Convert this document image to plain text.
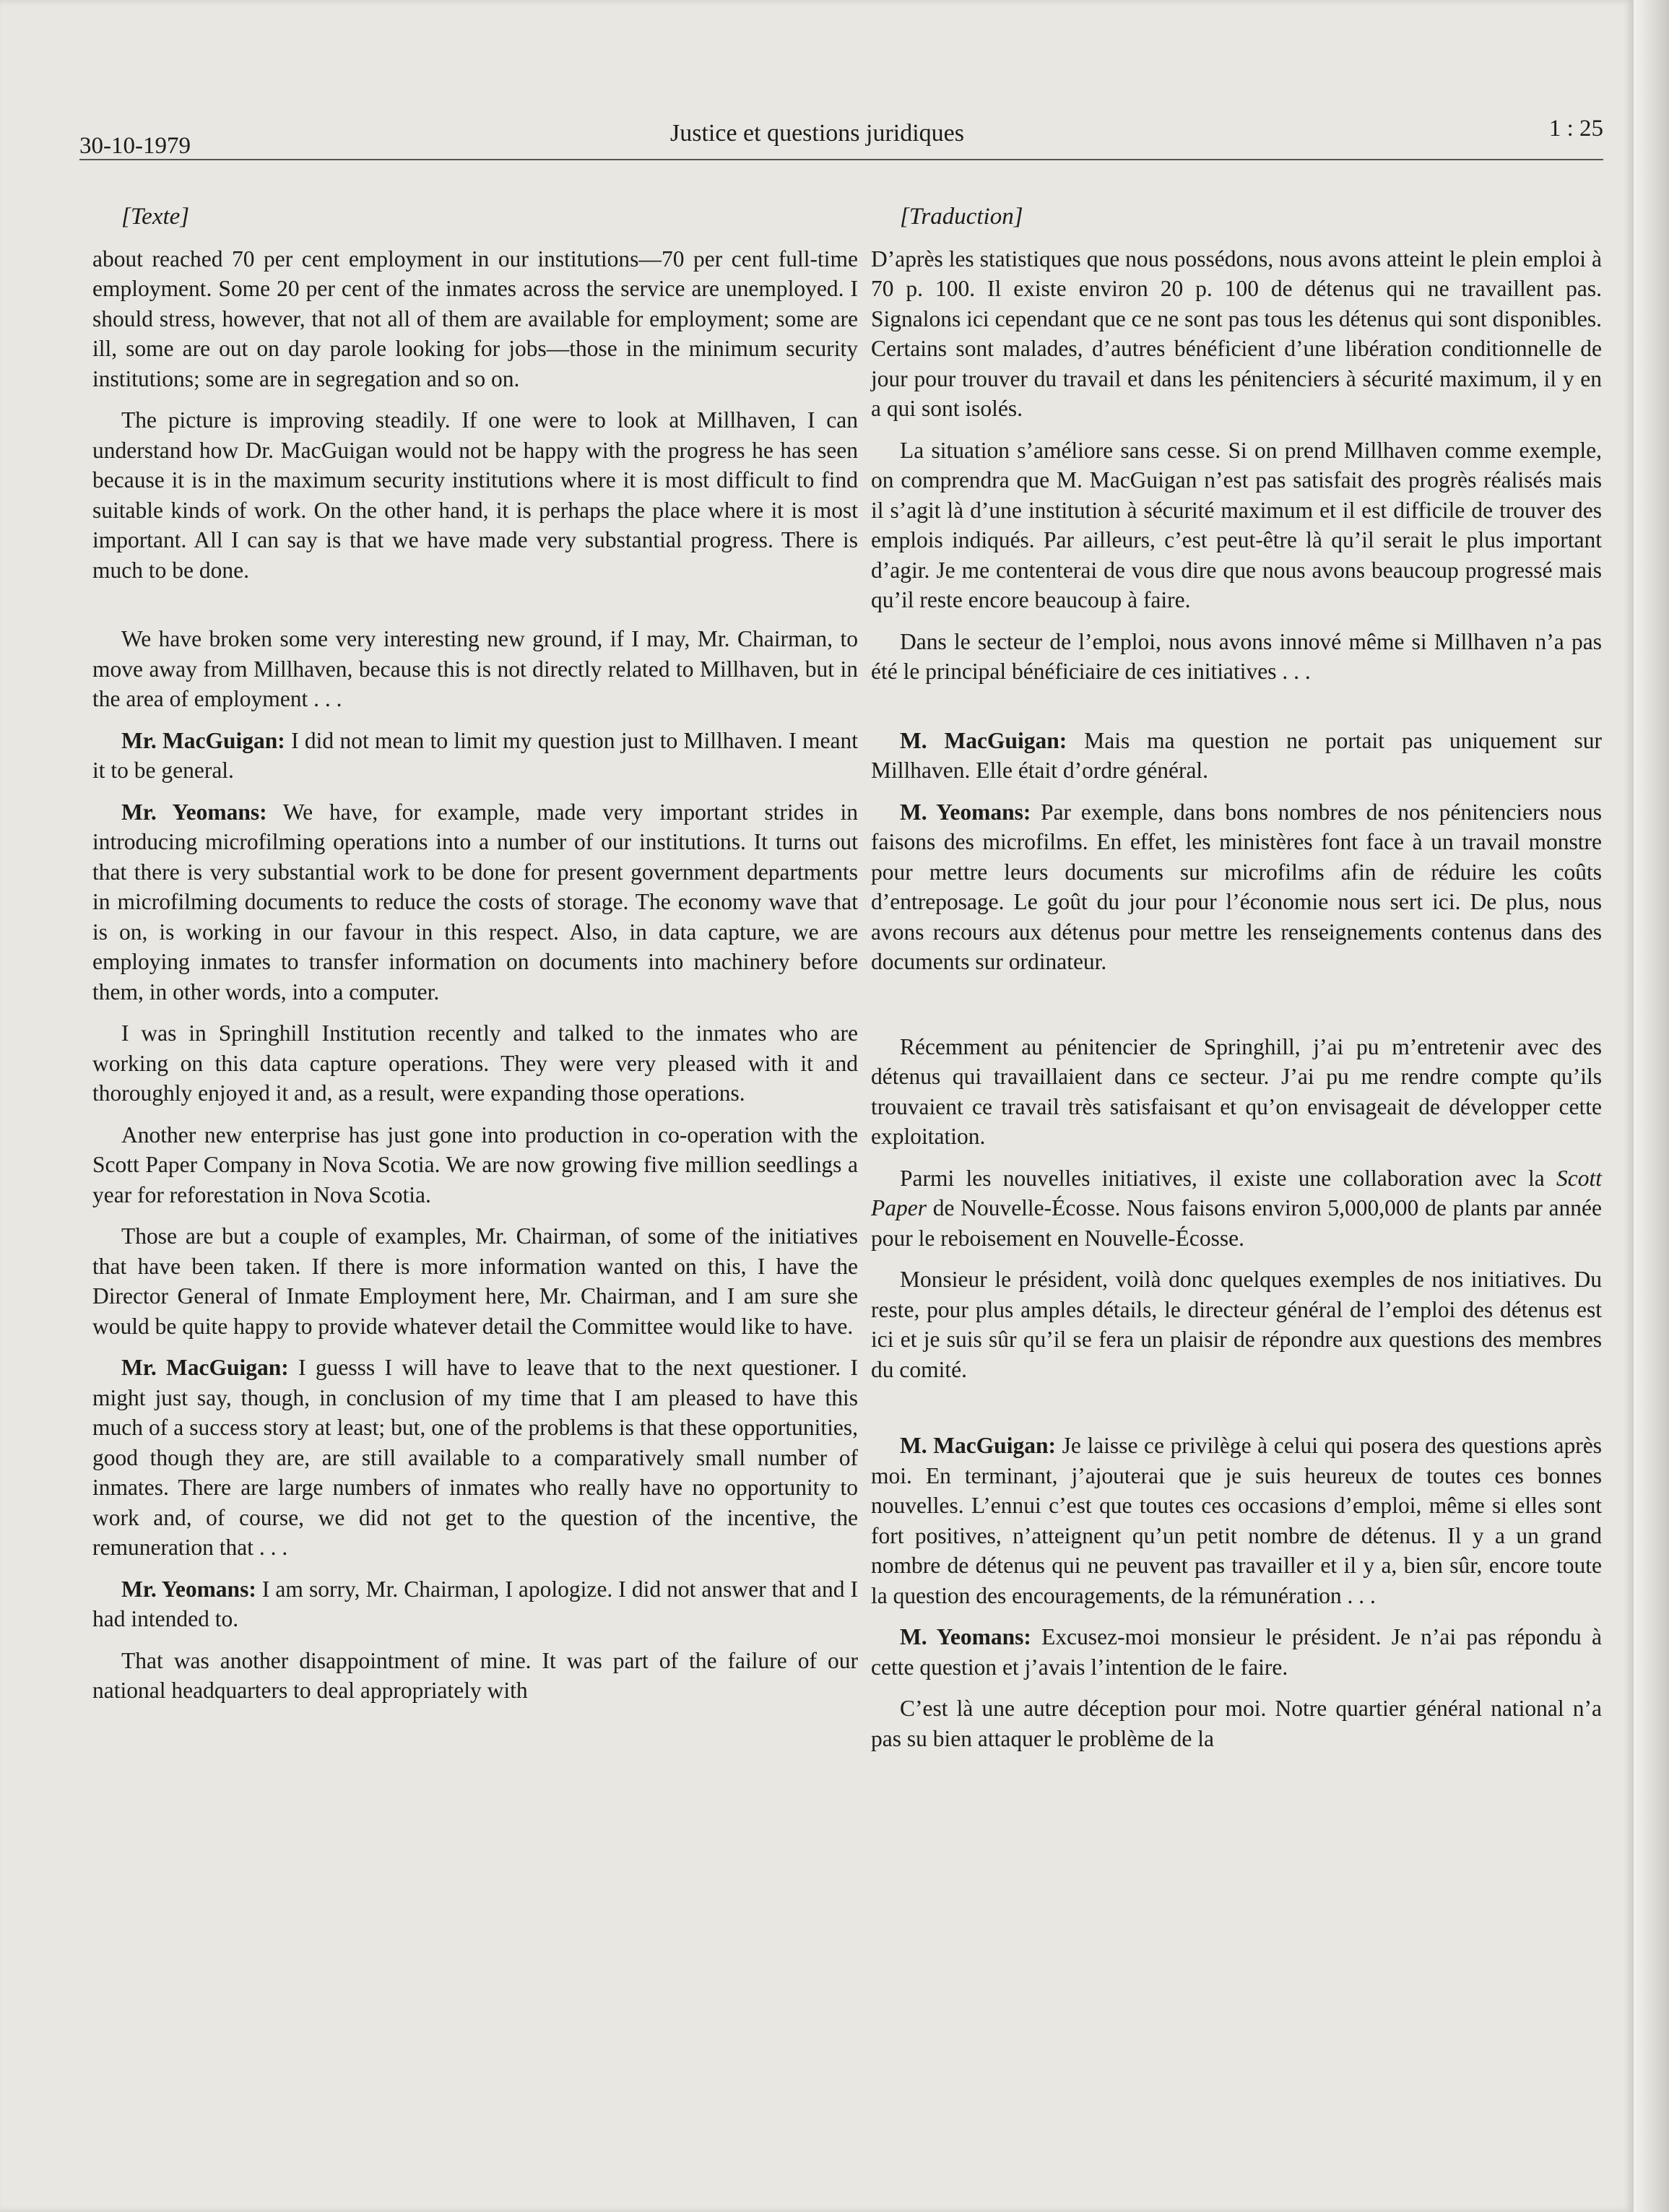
30-10-1979	Justice et questions juridiques	1 : 25

[Texte]

about reached 70 per cent employment in our institutions—70 per cent full-time employment. Some 20 per cent of the inmates across the service are unemployed. I should stress, however, that not all of them are available for employment; some are ill, some are out on day parole looking for jobs—those in the minimum security institutions; some are in segregation and so on.

The picture is improving steadily. If one were to look at Millhaven, I can understand how Dr. MacGuigan would not be happy with the progress he has seen because it is in the maximum security institutions where it is most difficult to find suitable kinds of work. On the other hand, it is perhaps the place where it is most important. All I can say is that we have made very substantial progress. There is much to be done.

We have broken some very interesting new ground, if I may, Mr. Chairman, to move away from Millhaven, because this is not directly related to Millhaven, but in the area of employment . . .

Mr. MacGuigan: I did not mean to limit my question just to Millhaven. I meant it to be general.

Mr. Yeomans: We have, for example, made very important strides in introducing microfilming operations into a number of our institutions. It turns out that there is very substantial work to be done for present government departments in microfilming documents to reduce the costs of storage. The economy wave that is on, is working in our favour in this respect. Also, in data capture, we are employing inmates to transfer information on documents into machinery before them, in other words, into a computer.

I was in Springhill Institution recently and talked to the inmates who are working on this data capture operations. They were very pleased with it and thoroughly enjoyed it and, as a result, were expanding those operations.

Another new enterprise has just gone into production in co-operation with the Scott Paper Company in Nova Scotia. We are now growing five million seedlings a year for reforestation in Nova Scotia.

Those are but a couple of examples, Mr. Chairman, of some of the initiatives that have been taken. If there is more information wanted on this, I have the Director General of Inmate Employment here, Mr. Chairman, and I am sure she would be quite happy to provide whatever detail the Committee would like to have.

Mr. MacGuigan: I guesss I will have to leave that to the next questioner. I might just say, though, in conclusion of my time that I am pleased to have this much of a success story at least; but, one of the problems is that these opportunities, good though they are, are still available to a comparatively small number of inmates. There are large numbers of inmates who really have no opportunity to work and, of course, we did not get to the question of the incentive, the remuneration that . . .

Mr. Yeomans: I am sorry, Mr. Chairman, I apologize. I did not answer that and I had intended to.

That was another disappointment of mine. It was part of the failure of our national headquarters to deal appropriately with

[Traduction]

D’après les statistiques que nous possédons, nous avons atteint le plein emploi à 70 p. 100. Il existe environ 20 p. 100 de détenus qui ne travaillent pas. Signalons ici cependant que ce ne sont pas tous les détenus qui sont disponibles. Certains sont malades, d’autres bénéficient d’une libération conditionnelle de jour pour trouver du travail et dans les pénitenciers à sécurité maximum, il y en a qui sont isolés.

La situation s’améliore sans cesse. Si on prend Millhaven comme exemple, on comprendra que M. MacGuigan n’est pas satisfait des progrès réalisés mais il s’agit là d’une institution à sécurité maximum et il est difficile de trouver des emplois indiqués. Par ailleurs, c’est peut-être là qu’il serait le plus important d’agir. Je me contenterai de vous dire que nous avons beaucoup progressé mais qu’il reste encore beaucoup à faire.

Dans le secteur de l’emploi, nous avons innové même si Millhaven n’a pas été le principal bénéficiaire de ces initiatives . . .

M. MacGuigan: Mais ma question ne portait pas uniquement sur Millhaven. Elle était d’ordre général.

M. Yeomans: Par exemple, dans bons nombres de nos pénitenciers nous faisons des microfilms. En effet, les ministères font face à un travail monstre pour mettre leurs documents sur microfilms afin de réduire les coûts d’entreposage. Le goût du jour pour l’économie nous sert ici. De plus, nous avons recours aux détenus pour mettre les renseignements contenus dans des documents sur ordinateur.

Récemment au pénitencier de Springhill, j’ai pu m’entretenir avec des détenus qui travaillaient dans ce secteur. J’ai pu me rendre compte qu’ils trouvaient ce travail très satisfaisant et qu’on envisageait de développer cette exploitation.

Parmi les nouvelles initiatives, il existe une collaboration avec la Scott Paper de Nouvelle-Écosse. Nous faisons environ 5,000,000 de plants par année pour le reboisement en Nouvelle-Écosse.

Monsieur le président, voilà donc quelques exemples de nos initiatives. Du reste, pour plus amples détails, le directeur général de l’emploi des détenus est ici et je suis sûr qu’il se fera un plaisir de répondre aux questions des membres du comité.

M. MacGuigan: Je laisse ce privilège à celui qui posera des questions après moi. En terminant, j’ajouterai que je suis heureux de toutes ces bonnes nouvelles. L’ennui c’est que toutes ces occasions d’emploi, même si elles sont fort positives, n’atteignent qu’un petit nombre de détenus. Il y a un grand nombre de détenus qui ne peuvent pas travailler et il y a, bien sûr, encore toute la question des encouragements, de la rémunération . . .

M. Yeomans: Excusez-moi monsieur le président. Je n’ai pas répondu à cette question et j’avais l’intention de le faire.

C’est là une autre déception pour moi. Notre quartier général national n’a pas su bien attaquer le problème de la
